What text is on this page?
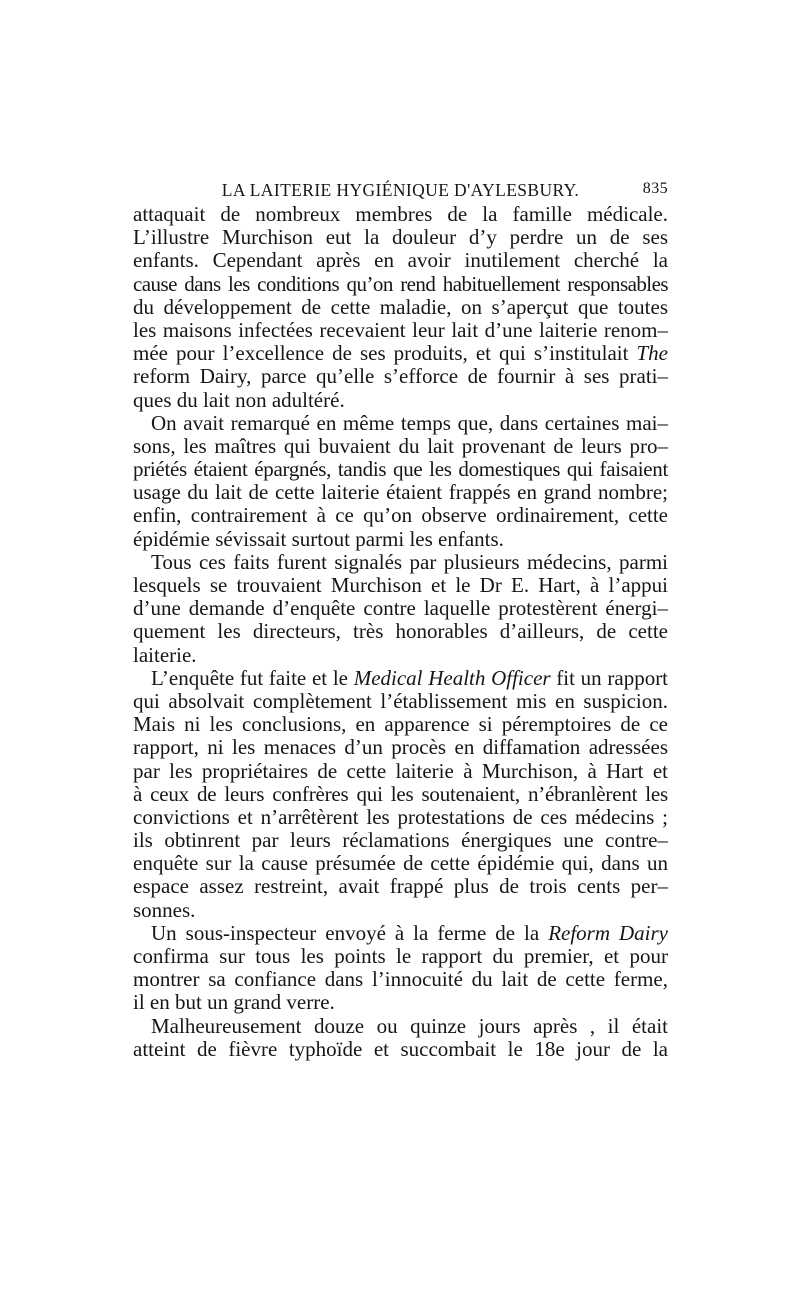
LA LAITERIE HYGIÉNIQUE D'AYLESBURY.	835
attaquait de nombreux membres de la famille médicale.
L’illustre Murchison eut la douleur d’y perdre un de ses
enfants. Cependant après en avoir inutilement cherché la
cause dans les conditions qu’on rend habituellement responsables
du développement de cette maladie, on s’aperçut que toutes
les maisons infectées recevaient leur lait d’une laiterie renom–
mée pour l’excellence de ses produits, et qui s’institulait The
reform Dairy, parce qu’elle s’efforce de fournir à ses prati–
ques du lait non adultéré.
On avait remarqué en même temps que, dans certaines mai–
sons, les maîtres qui buvaient du lait provenant de leurs pro–
priétés étaient épargnés, tandis que les domestiques qui faisaient
usage du lait de cette laiterie étaient frappés en grand nombre;
enfin, contrairement à ce qu’on observe ordinairement, cette
épidémie sévissait surtout parmi les enfants.
Tous ces faits furent signalés par plusieurs médecins, parmi
lesquels se trouvaient Murchison et le Dr E. Hart, à l’appui
d’une demande d’enquête contre laquelle protestèrent énergi–
quement les directeurs, très honorables d’ailleurs, de cette
laiterie.
L’enquête fut faite et le Medical Health Officer fit un rapport
qui absolvait complètement l’établissement mis en suspicion.
Mais ni les conclusions, en apparence si péremptoires de ce
rapport, ni les menaces d’un procès en diffamation adressées
par les propriétaires de cette laiterie à Murchison, à Hart et
à ceux de leurs confrères qui les soutenaient, n’ébranlèrent les
convictions et n’arrêtèrent les protestations de ces médecins ;
ils obtinrent par leurs réclamations énergiques une contre–
enquête sur la cause présumée de cette épidémie qui, dans un
espace assez restreint, avait frappé plus de trois cents per–
sonnes.
Un sous-inspecteur envoyé à la ferme de la Reform Dairy
confirma sur tous les points le rapport du premier, et pour
montrer sa confiance dans l’innocuité du lait de cette ferme,
il en but un grand verre.
Malheureusement douze ou quinze jours après , il était
atteint de fièvre typhoïde et succombait le 18e jour de la
